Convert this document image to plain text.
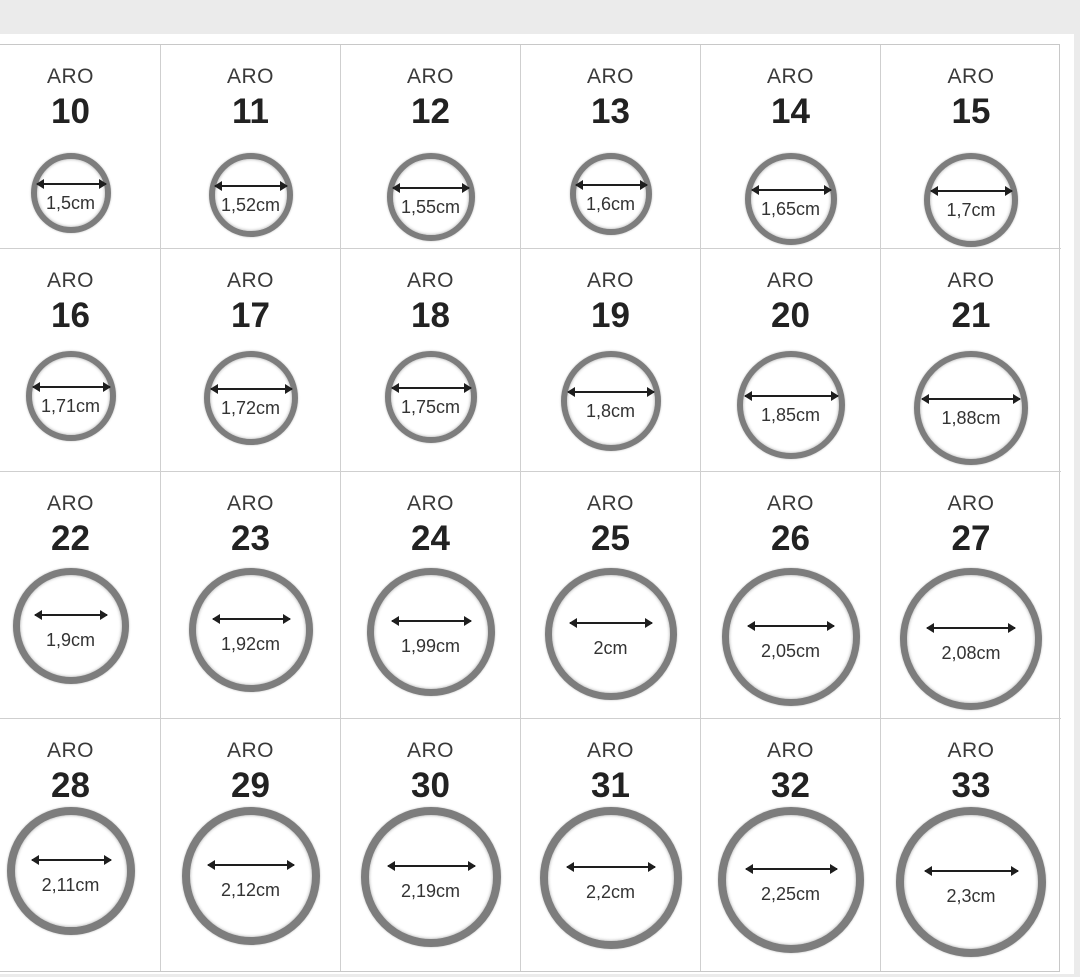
ARO
10
1,5cm
ARO
11
1,52cm
ARO
12
1,55cm
ARO
13
1,6cm
ARO
14
1,65cm
ARO
15
1,7cm
ARO
16
1,71cm
ARO
17
1,72cm
ARO
18
1,75cm
ARO
19
1,8cm
ARO
20
1,85cm
ARO
21
1,88cm
ARO
22
1,9cm
ARO
23
1,92cm
ARO
24
1,99cm
ARO
25
2cm
ARO
26
2,05cm
ARO
27
2,08cm
ARO
28
2,11cm
ARO
29
2,12cm
ARO
30
2,19cm
ARO
31
2,2cm
ARO
32
2,25cm
ARO
33
2,3cm
